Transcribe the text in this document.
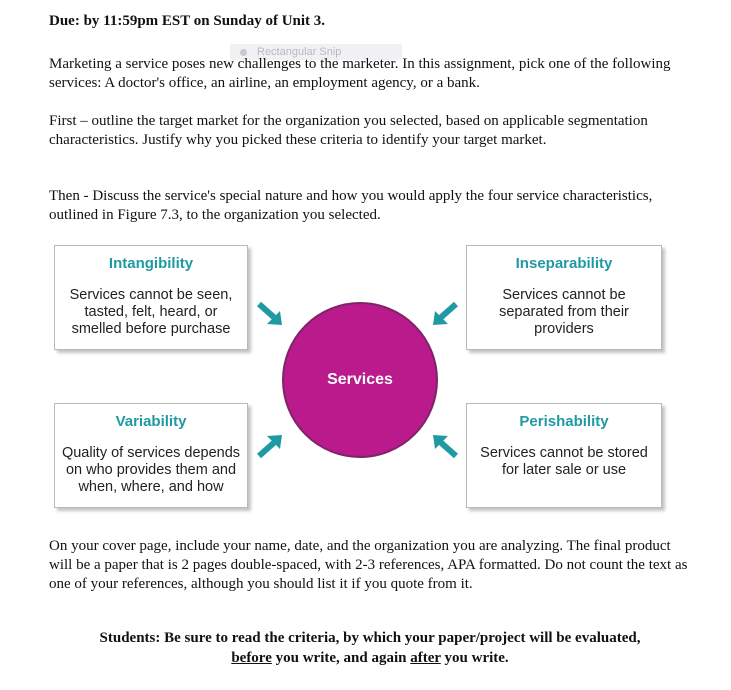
Due: by 11:59pm EST on Sunday of Unit 3.
Rectangular Snip
Marketing a service poses new challenges to the marketer. In this assignment, pick one of the following services: A doctor's office, an airline, an employment agency, or a bank.
First – outline the target market for the organization you selected, based on applicable segmentation characteristics. Justify why you picked these criteria to identify your target market.
Then - Discuss the service's special nature and how you would apply the four service characteristics, outlined in Figure 7.3, to the organization you selected.
Intangibility
Services cannot be seen,
tasted, felt, heard, or
smelled before purchase
Inseparability
Services cannot be
separated from their
providers
Variability
Quality of services depends
on who provides them and
when, where, and how
Perishability
Services cannot be stored
for later sale or use
Services
On your cover page, include your name, date, and the organization you are analyzing. The final product will be a paper that is 2 pages double-spaced, with 2-3 references, APA formatted. Do not count the text as one of your references, although you should list it if you quote from it.
Students: Be sure to read the criteria, by which your paper/project will be evaluated,
before you write, and again after you write.
